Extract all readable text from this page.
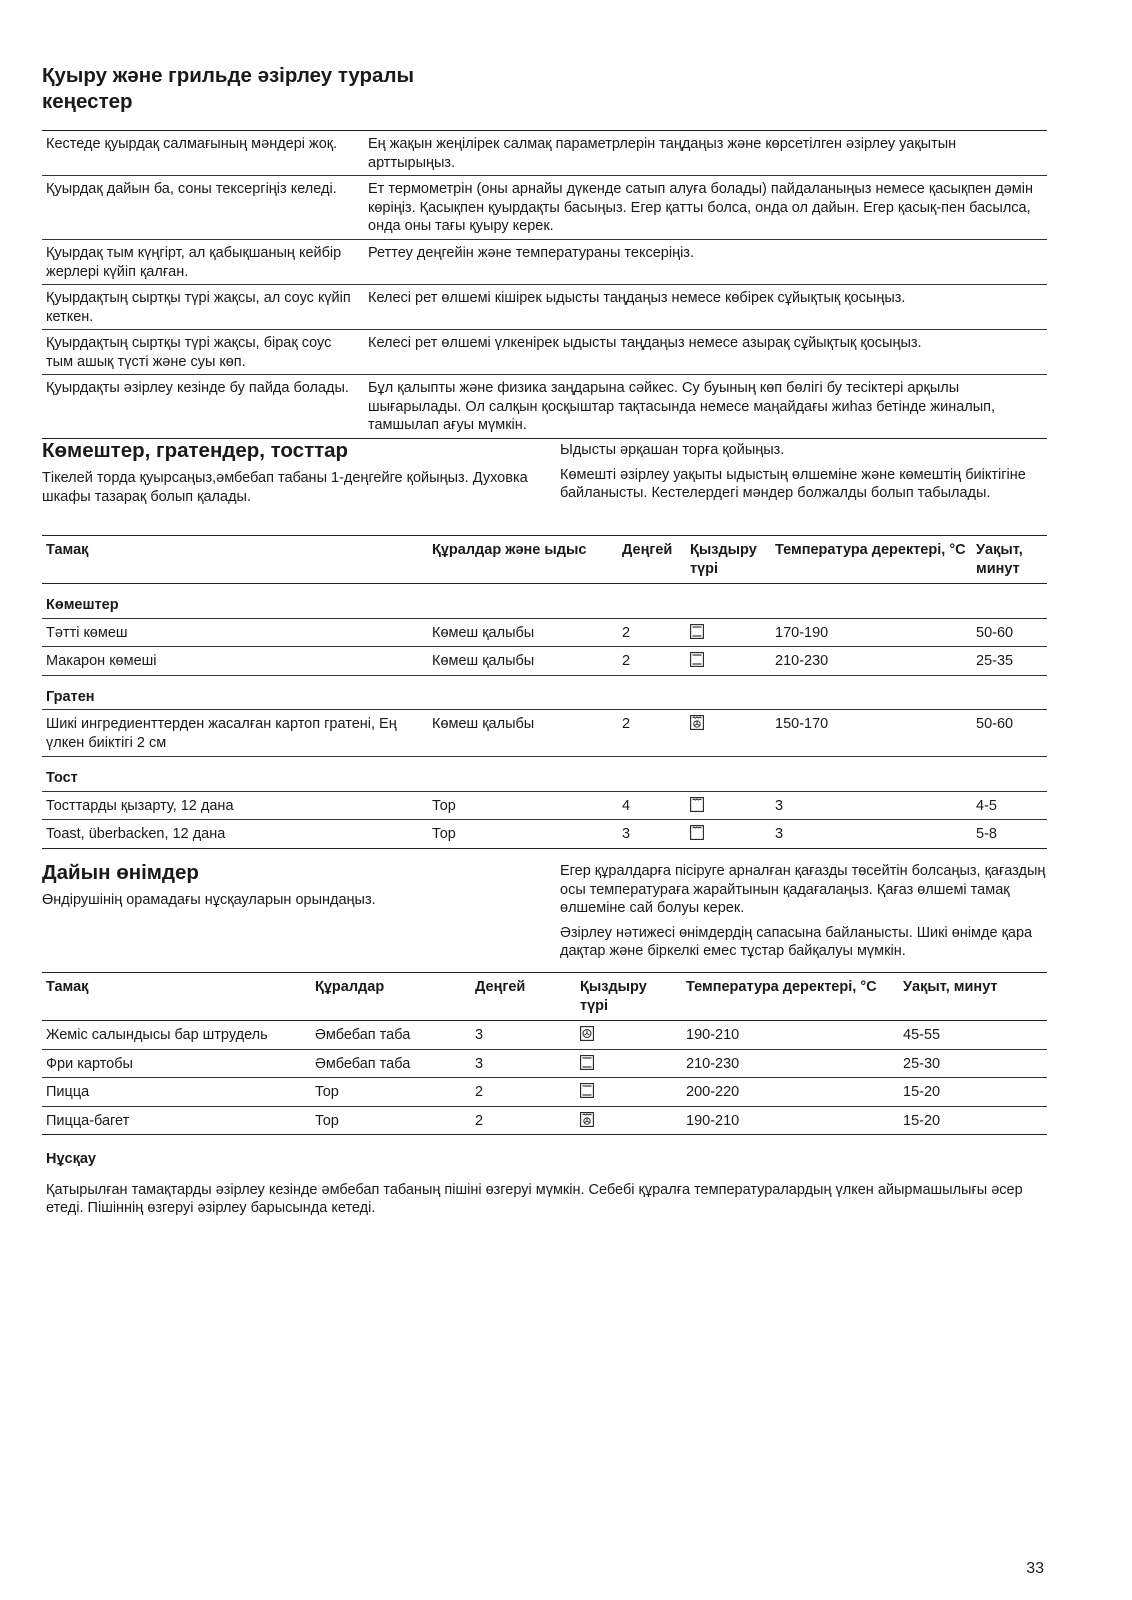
Қуыру және грильде әзірлеу туралы
кеңестер
Кестеде қуырдақ салмағының мәндері жоқ.	Ең жақын жеңілірек салмақ параметрлерін таңдаңыз және көрсетілген әзірлеу уақытын арттырыңыз.
Қуырдақ дайын ба, соны тексергіңіз келеді.	Ет термометрін (оны арнайы дүкенде сатып алуға болады) пайдаланыңыз немесе қасықпен дәмін көріңіз. Қасықпен қуырдақты басыңыз. Егер қатты болса, онда ол дайын. Егер қасық-пен басылса, онда оны тағы қуыру керек.
Қуырдақ тым күңгірт, ал қабықшаның кейбір жерлері күйіп қалған.	Реттеу деңгейін және температураны тексеріңіз.
Қуырдақтың сыртқы түрі жақсы, ал соус күйіп кеткен.	Келесі рет өлшемі кішірек ыдысты таңдаңыз немесе көбірек сұйықтық қосыңыз.
Қуырдақтың сыртқы түрі жақсы, бірақ соус тым ашық түсті және суы көп.	Келесі рет өлшемі үлкенірек ыдысты таңдаңыз немесе азырақ сұйықтық қосыңыз.
Қуырдақты әзірлеу кезінде бу пайда болады.	Бұл қалыпты және физика заңдарына сәйкес. Су буының көп бөлігі бу тесіктері арқылы шығарылады. Ол салқын қосқыштар тақтасында немесе маңайдағы жиһаз бетінде жиналып, тамшылап ағуы мүмкін.
Көмештер, гратендер, тосттар

Тікелей торда қуырсаңыз,әмбебап табаны 1-деңгейге қойыңыз. Духовка шкафы тазарақ болып қалады.

Ыдысты әрқашан торға қойыңыз.

Көмешті әзірлеу уақыты ыдыстың өлшеміне және көмештің биіктігіне байланысты. Кестелердегі мәндер болжалды болып табылады.

Тамақ	Құралдар және ыдыс	Деңгей	Қыздыру түрі	Температура деректері, °C	Уақыт, минут
Көмештер					
Тәтті көмеш	Көмеш қалыбы	2		170-190	50-60
Макарон көмеші	Көмеш қалыбы	2		210-230	25-35
Гратен					
Шикі ингредиенттерден жасалған картоп гратені, Ең үлкен биіктігі 2 см	Көмеш қалыбы	2		150-170	50-60
Тост					
Тосттарды қызарту, 12 дана	Тор	4		3	4-5
Toast, überbacken, 12 дана	Тор	3		3	5-8
Дайын өнімдер

Өндірушінің орамадағы нұсқауларын орындаңыз.

Егер құралдарға пісіруге арналған қағазды төсейтін болсаңыз, қағаздың осы температураға жарайтынын қадағалаңыз. Қағаз өлшемі тамақ өлшеміне сай болуы керек.

Әзірлеу нәтижесі өнімдердің сапасына байланысты. Шикі өнімде қара дақтар және біркелкі емес тұстар байқалуы мүмкін.

Тамақ	Құралдар	Деңгей	Қыздыру түрі	Температура деректері, °C	Уақыт, минут
Жеміс салындысы бар штрудель	Әмбебап таба	3		190-210	45-55
Фри картобы	Әмбебап таба	3		210-230	25-30
Пицца	Тор	2		200-220	15-20
Пицца-багет	Тор	2		190-210	15-20

Нұсқау

Қатырылған тамақтарды әзірлеу кезінде әмбебап табаның пішіні өзгеруі мүмкін. Себебі құралға температуралардың үлкен айырмашылығы әсер етеді. Пішіннің өзгеруі әзірлеу барысында кетеді.

33
